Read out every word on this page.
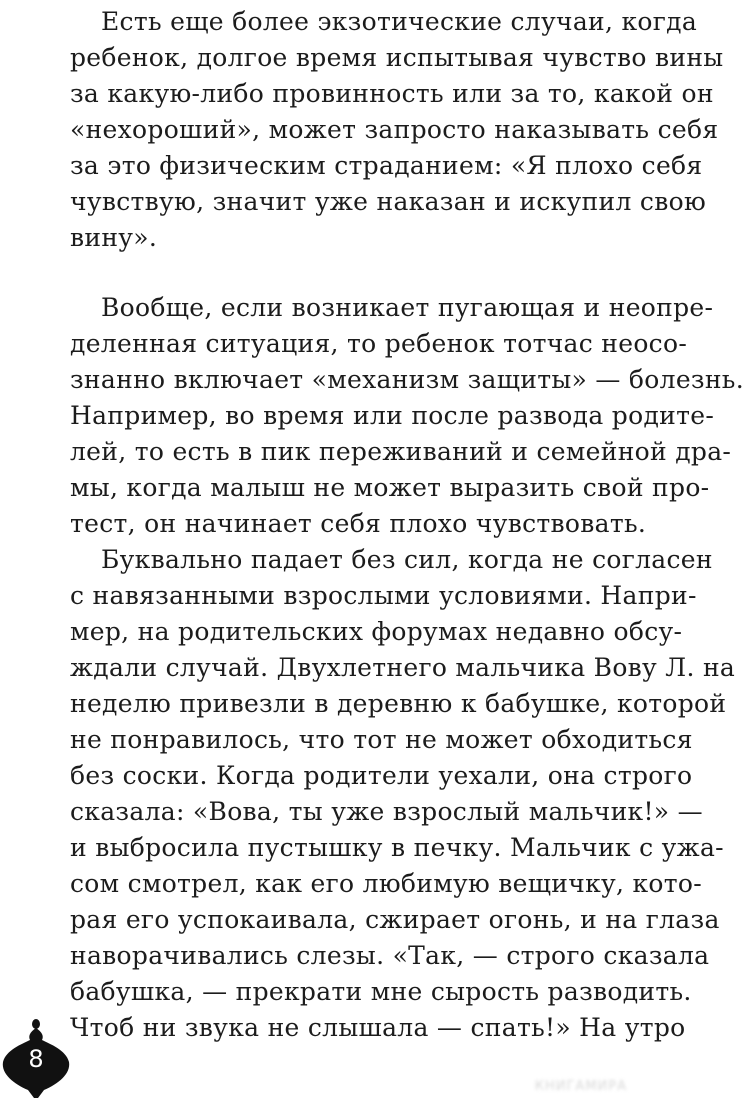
Есть еще более экзотические случаи, когда
ребенок, долгое время испытывая чувство вины
за какую-либо провинность или за то, какой он
«нехороший», может запросто наказывать себя
за это физическим страданием: «Я плохо себя
чувствую, значит уже наказан и искупил свою
вину».
Вообще, если возникает пугающая и неопре-
деленная ситуация, то ребенок тотчас неосо-
знанно включает «механизм защиты» — болезнь.
Например, во время или после развода родите-
лей, то есть в пик переживаний и семейной дра-
мы, когда малыш не может выразить свой про-
тест, он начинает себя плохо чувствовать.
Буквально падает без сил, когда не согласен
с навязанными взрослыми условиями. Напри-
мер, на родительских форумах недавно обсу-
ждали случай. Двухлетнего мальчика Вову Л. на
неделю привезли в деревню к бабушке, которой
не понравилось, что тот не может обходиться
без соски. Когда родители уехали, она строго
сказала: «Вова, ты уже взрослый мальчик!» —
и выбросила пустышку в печку. Мальчик с ужа-
сом смотрел, как его любимую вещичку, кото-
рая его успокаивала, сжирает огонь, и на глаза
наворачивались слезы. «Так, — строго сказала
бабушка, — прекрати мне сырость разводить.
Чтоб ни звука не слышала — спать!» На утро
8
КНИГАМИРА
